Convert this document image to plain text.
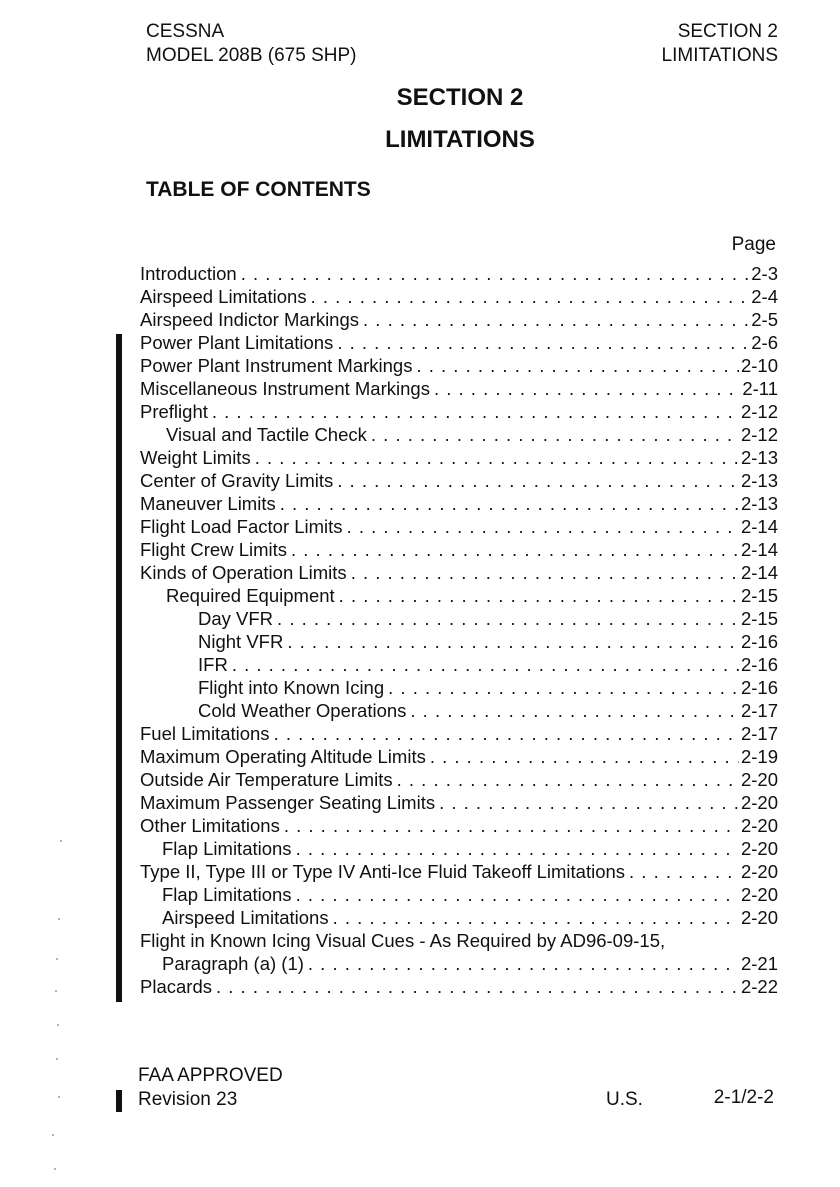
CESSNA
MODEL 208B (675 SHP)
SECTION 2
LIMITATIONS
SECTION 2
LIMITATIONS
TABLE OF CONTENTS
Page
Introduction . . .	2-3
Airspeed Limitations . . .	2-4
Airspeed Indictor Markings . . .	2-5
Power Plant Limitations . . .	2-6
Power Plant Instrument Markings . . .	2-10
Miscellaneous Instrument Markings . . .	2-11
Preflight . . .	2-12
Visual and Tactile Check . . .	2-12
Weight Limits . . .	2-13
Center of Gravity Limits . . .	2-13
Maneuver Limits . . .	2-13
Flight Load Factor Limits . . .	2-14
Flight Crew Limits . . .	2-14
Kinds of Operation Limits . . .	2-14
Required Equipment . . .	2-15
Day VFR . . .	2-15
Night VFR . . .	2-16
IFR . . .	2-16
Flight into Known Icing . . .	2-16
Cold Weather Operations . . .	2-17
Fuel Limitations . . .	2-17
Maximum Operating Altitude Limits . . .	2-19
Outside Air Temperature Limits . . .	2-20
Maximum Passenger Seating Limits . . .	2-20
Other Limitations . . .	2-20
Flap Limitations . . .	2-20
Type II, Type III or Type IV Anti-Ice Fluid Takeoff Limitations . . .	2-20
Flap Limitations . . .	2-20
Airspeed Limitations . . .	2-20
Flight in Known Icing Visual Cues - As Required by AD96-09-15,
Paragraph (a) (1) . . .	2-21
Placards . . .	2-22
FAA APPROVED
Revision 23	U.S.	2-1/2-2
